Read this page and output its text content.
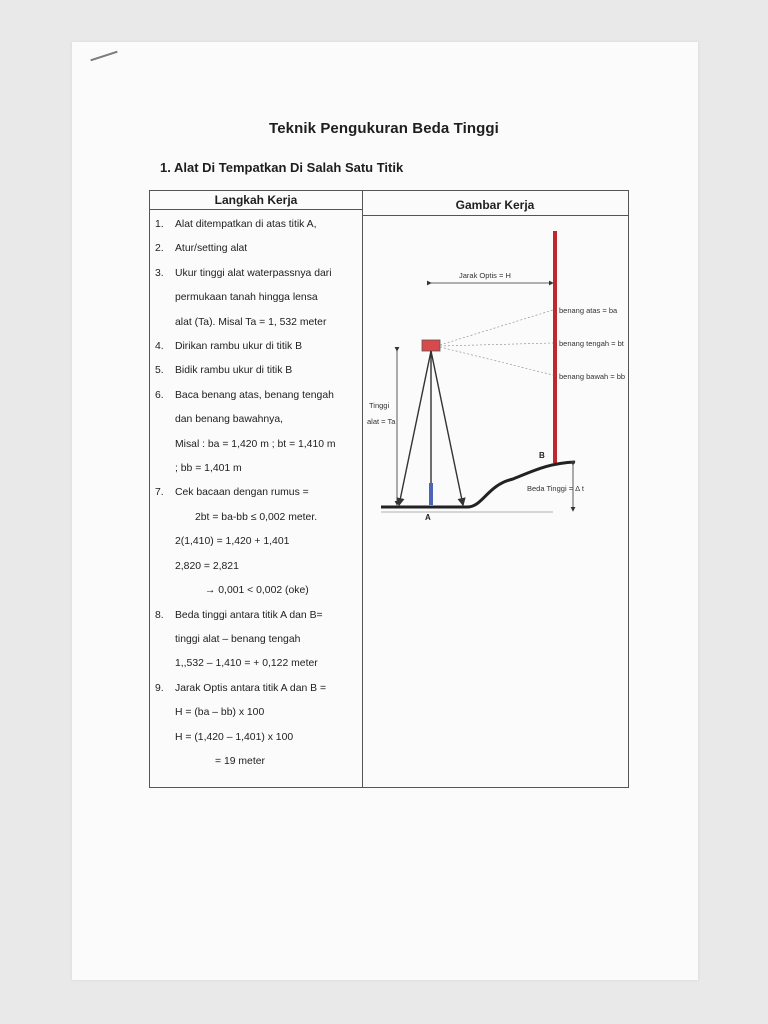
Teknik Pengukuran Beda Tinggi
1. Alat Di Tempatkan Di Salah Satu Titik
Langkah Kerja	Gambar Kerja
1.	Alat ditempatkan di atas titik A,
2.	Atur/setting alat
3.	Ukur tinggi alat waterpassnya dari
permukaan tanah hingga lensa
alat (Ta). Misal Ta = 1, 532 meter
4.	Dirikan rambu ukur di titik B
5.	Bidik rambu ukur di titik B
6.	Baca benang atas, benang tengah
dan benang bawahnya,
Misal : ba = 1,420 m ; bt = 1,410 m
; bb = 1,401 m
7.	Cek bacaan dengan rumus =
2bt = ba-bb ≤ 0,002 meter.
2(1,410) = 1,420 + 1,401
2,820 = 2,821
→ 0,001 < 0,002 (oke)
8.	Beda tinggi antara titik A dan B=
tinggi alat – benang tengah
1,,532 – 1,410 = + 0,122 meter
9.	Jarak Optis antara titik A dan B =
H = (ba – bb) x 100
H = (1,420 – 1,401) x 100
= 19 meter
Jarak Optis = H
benang atas = ba
benang tengah = bt
benang bawah = bb
Tinggi
alat = Ta
Beda Tinggi = Δ t
B
A
